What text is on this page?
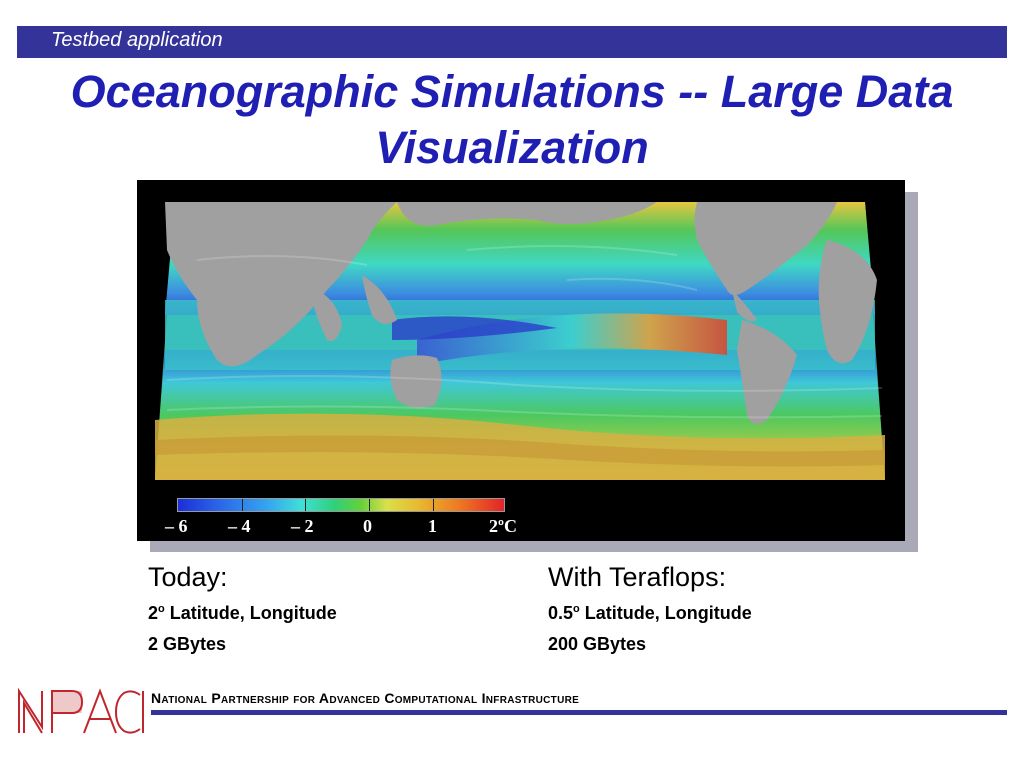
Testbed application
Oceanographic Simulations -- Large Data Visualization
– 6 – 4 – 2	0	1	2ºC
Today:
2$^o$ Latitude, Longitude
2 GBytes
With Teraflops:
0.5$^o$ Latitude, Longitude
200 GBytes
National Partnership for Advanced Computational Infrastructure
